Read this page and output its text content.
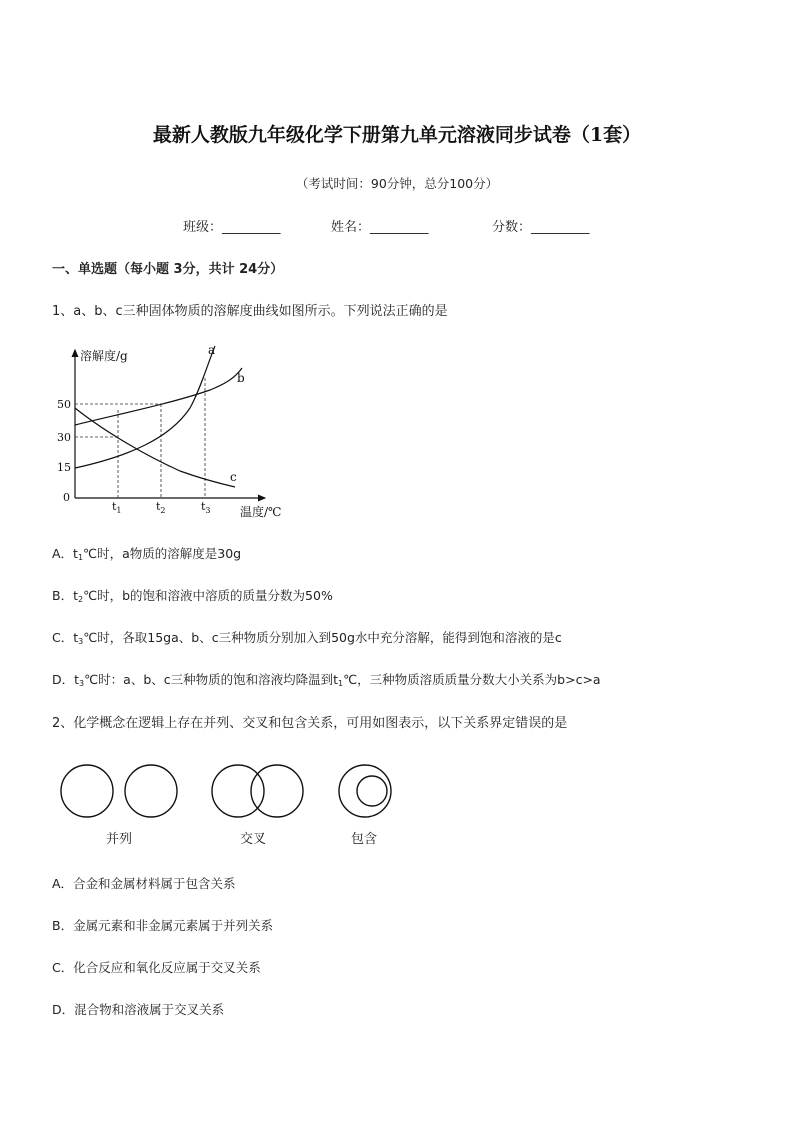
最新人教版九年级化学下册第九单元溶液同步试卷（1套）
（考试时间：90分钟，总分100分）
班级：_________	姓名：_________	分数：_________
一、单选题（每小题 3分，共计 24分）
1、a、b、c三种固体物质的溶解度曲线如图所示。下列说法正确的是
溶解度/g
温度/℃
50
30
15
0
$t_1$	$t_2$	$t_3$
a
b
c
A．$t_1℃$时，a物质的溶解度是30g
B．$t_2℃$时，b的饱和溶液中溶质的质量分数为50%
C．$t_3℃$时，各取15ga、b、c三种物质分别加入到50g水中充分溶解，能得到饱和溶液的是c
D．$t_3℃$时：a、b、c三种物质的饱和溶液均降温到$t_1℃$，三种物质溶质质量分数大小关系为b>c>a
2、化学概念在逻辑上存在并列、交叉和包含关系，可用如图表示，以下关系界定错误的是
并列	交叉	包含
A．合金和金属材料属于包含关系
B．金属元素和非金属元素属于并列关系
C．化合反应和氧化反应属于交叉关系
D．混合物和溶液属于交叉关系
